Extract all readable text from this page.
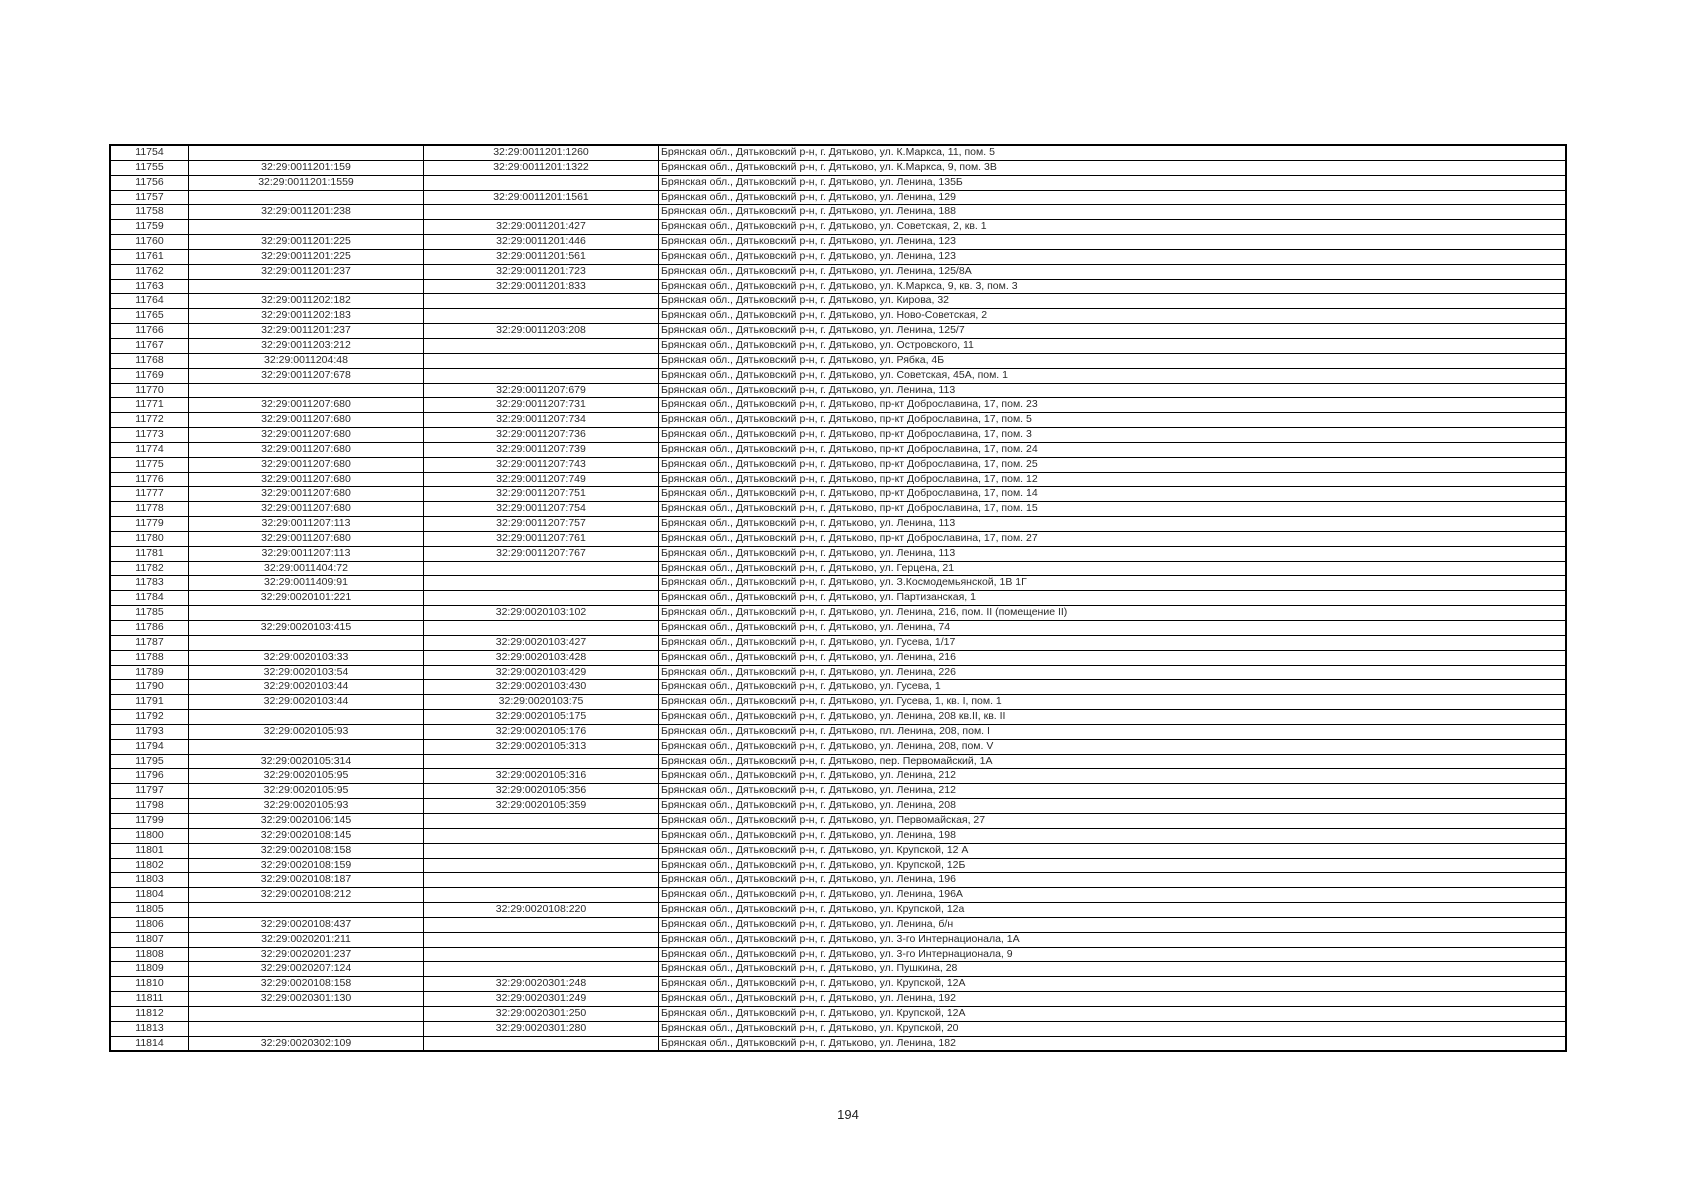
11754		32:29:0011201:1260	Брянская обл., Дятьковский р-н, г. Дятьково, ул. К.Маркса, 11, пом. 5
11755	32:29:0011201:159	32:29:0011201:1322	Брянская обл., Дятьковский р-н, г. Дятьково, ул. К.Маркса, 9, пом. 3В
11756	32:29:0011201:1559		Брянская обл., Дятьковский р-н, г. Дятьково, ул. Ленина, 135Б
11757		32:29:0011201:1561	Брянская обл., Дятьковский р-н, г. Дятьково, ул. Ленина, 129
11758	32:29:0011201:238		Брянская обл., Дятьковский р-н, г. Дятьково, ул. Ленина, 188
11759		32:29:0011201:427	Брянская обл., Дятьковский р-н, г. Дятьково, ул. Советская, 2, кв. 1
11760	32:29:0011201:225	32:29:0011201:446	Брянская обл., Дятьковский р-н, г. Дятьково, ул. Ленина, 123
11761	32:29:0011201:225	32:29:0011201:561	Брянская обл., Дятьковский р-н, г. Дятьково, ул. Ленина, 123
11762	32:29:0011201:237	32:29:0011201:723	Брянская обл., Дятьковский р-н, г. Дятьково, ул. Ленина, 125/8А
11763		32:29:0011201:833	Брянская обл., Дятьковский р-н, г. Дятьково, ул. К.Маркса, 9, кв. 3, пом. 3
11764	32:29:0011202:182		Брянская обл., Дятьковский р-н, г. Дятьково, ул. Кирова, 32
11765	32:29:0011202:183		Брянская обл., Дятьковский р-н, г. Дятьково, ул. Ново-Советская, 2
11766	32:29:0011201:237	32:29:0011203:208	Брянская обл., Дятьковский р-н, г. Дятьково, ул. Ленина, 125/7
11767	32:29:0011203:212		Брянская обл., Дятьковский р-н, г. Дятьково, ул. Островского, 11
11768	32:29:0011204:48		Брянская обл., Дятьковский р-н, г. Дятьково, ул. Рябка, 4Б
11769	32:29:0011207:678		Брянская обл., Дятьковский р-н, г. Дятьково, ул. Советская, 45А, пом. 1
11770		32:29:0011207:679	Брянская обл., Дятьковский р-н, г. Дятьково, ул. Ленина, 113
11771	32:29:0011207:680	32:29:0011207:731	Брянская обл., Дятьковский р-н, г. Дятьково, пр-кт Доброславина, 17, пом. 23
11772	32:29:0011207:680	32:29:0011207:734	Брянская обл., Дятьковский р-н, г. Дятьково, пр-кт Доброславина, 17, пом. 5
11773	32:29:0011207:680	32:29:0011207:736	Брянская обл., Дятьковский р-н, г. Дятьково, пр-кт Доброславина, 17, пом. 3
11774	32:29:0011207:680	32:29:0011207:739	Брянская обл., Дятьковский р-н, г. Дятьково, пр-кт Доброславина, 17, пом. 24
11775	32:29:0011207:680	32:29:0011207:743	Брянская обл., Дятьковский р-н, г. Дятьково, пр-кт Доброславина, 17, пом. 25
11776	32:29:0011207:680	32:29:0011207:749	Брянская обл., Дятьковский р-н, г. Дятьково, пр-кт Доброславина, 17, пом. 12
11777	32:29:0011207:680	32:29:0011207:751	Брянская обл., Дятьковский р-н, г. Дятьково, пр-кт Доброславина, 17, пом. 14
11778	32:29:0011207:680	32:29:0011207:754	Брянская обл., Дятьковский р-н, г. Дятьково, пр-кт Доброславина, 17, пом. 15
11779	32:29:0011207:113	32:29:0011207:757	Брянская обл., Дятьковский р-н, г. Дятьково, ул. Ленина, 113
11780	32:29:0011207:680	32:29:0011207:761	Брянская обл., Дятьковский р-н, г. Дятьково, пр-кт Доброславина, 17, пом. 27
11781	32:29:0011207:113	32:29:0011207:767	Брянская обл., Дятьковский р-н, г. Дятьково, ул. Ленина, 113
11782	32:29:0011404:72		Брянская обл., Дятьковский р-н, г. Дятьково, ул. Герцена, 21
11783	32:29:0011409:91		Брянская обл., Дятьковский р-н, г. Дятьково, ул. З.Космодемьянской, 1В 1Г
11784	32:29:0020101:221		Брянская обл., Дятьковский р-н, г. Дятьково, ул. Партизанская, 1
11785		32:29:0020103:102	Брянская обл., Дятьковский р-н, г. Дятьково, ул. Ленина, 216, пом. II (помещение II)
11786	32:29:0020103:415		Брянская обл., Дятьковский р-н, г. Дятьково, ул. Ленина, 74
11787		32:29:0020103:427	Брянская обл., Дятьковский р-н, г. Дятьково, ул. Гусева, 1/17
11788	32:29:0020103:33	32:29:0020103:428	Брянская обл., Дятьковский р-н, г. Дятьково, ул. Ленина, 216
11789	32:29:0020103:54	32:29:0020103:429	Брянская обл., Дятьковский р-н, г. Дятьково, ул. Ленина, 226
11790	32:29:0020103:44	32:29:0020103:430	Брянская обл., Дятьковский р-н, г. Дятьково, ул. Гусева, 1
11791	32:29:0020103:44	32:29:0020103:75	Брянская обл., Дятьковский р-н, г. Дятьково, ул. Гусева, 1, кв. I, пом. 1
11792		32:29:0020105:175	Брянская обл., Дятьковский р-н, г. Дятьково, ул. Ленина, 208 кв.II, кв. II
11793	32:29:0020105:93	32:29:0020105:176	Брянская обл., Дятьковский р-н, г. Дятьково, пл. Ленина, 208, пом. I
11794		32:29:0020105:313	Брянская обл., Дятьковский р-н, г. Дятьково, ул. Ленина, 208, пом. V
11795	32:29:0020105:314		Брянская обл., Дятьковский р-н, г. Дятьково, пер. Первомайский, 1А
11796	32:29:0020105:95	32:29:0020105:316	Брянская обл., Дятьковский р-н, г. Дятьково, ул. Ленина, 212
11797	32:29:0020105:95	32:29:0020105:356	Брянская обл., Дятьковский р-н, г. Дятьково, ул. Ленина, 212
11798	32:29:0020105:93	32:29:0020105:359	Брянская обл., Дятьковский р-н, г. Дятьково, ул. Ленина, 208
11799	32:29:0020106:145		Брянская обл., Дятьковский р-н, г. Дятьково, ул. Первомайская, 27
11800	32:29:0020108:145		Брянская обл., Дятьковский р-н, г. Дятьково, ул. Ленина, 198
11801	32:29:0020108:158		Брянская обл., Дятьковский р-н, г. Дятьково, ул. Крупской, 12 А
11802	32:29:0020108:159		Брянская обл., Дятьковский р-н, г. Дятьково, ул. Крупской, 12Б
11803	32:29:0020108:187		Брянская обл., Дятьковский р-н, г. Дятьково, ул. Ленина, 196
11804	32:29:0020108:212		Брянская обл., Дятьковский р-н, г. Дятьково, ул. Ленина, 196А
11805		32:29:0020108:220	Брянская обл., Дятьковский р-н, г. Дятьково, ул. Крупской, 12а
11806	32:29:0020108:437		Брянская обл., Дятьковский р-н, г. Дятьково, ул. Ленина, б/н
11807	32:29:0020201:211		Брянская обл., Дятьковский р-н, г. Дятьково, ул. 3-го Интернационала, 1А
11808	32:29:0020201:237		Брянская обл., Дятьковский р-н, г. Дятьково, ул. 3-го Интернационала, 9
11809	32:29:0020207:124		Брянская обл., Дятьковский р-н, г. Дятьково, ул. Пушкина, 28
11810	32:29:0020108:158	32:29:0020301:248	Брянская обл., Дятьковский р-н, г. Дятьково, ул. Крупской, 12А
11811	32:29:0020301:130	32:29:0020301:249	Брянская обл., Дятьковский р-н, г. Дятьково, ул. Ленина, 192
11812		32:29:0020301:250	Брянская обл., Дятьковский р-н, г. Дятьково, ул. Крупской, 12А
11813		32:29:0020301:280	Брянская обл., Дятьковский р-н, г. Дятьково, ул. Крупской, 20
11814	32:29:0020302:109		Брянская обл., Дятьковский р-н, г. Дятьково, ул. Ленина, 182
194
